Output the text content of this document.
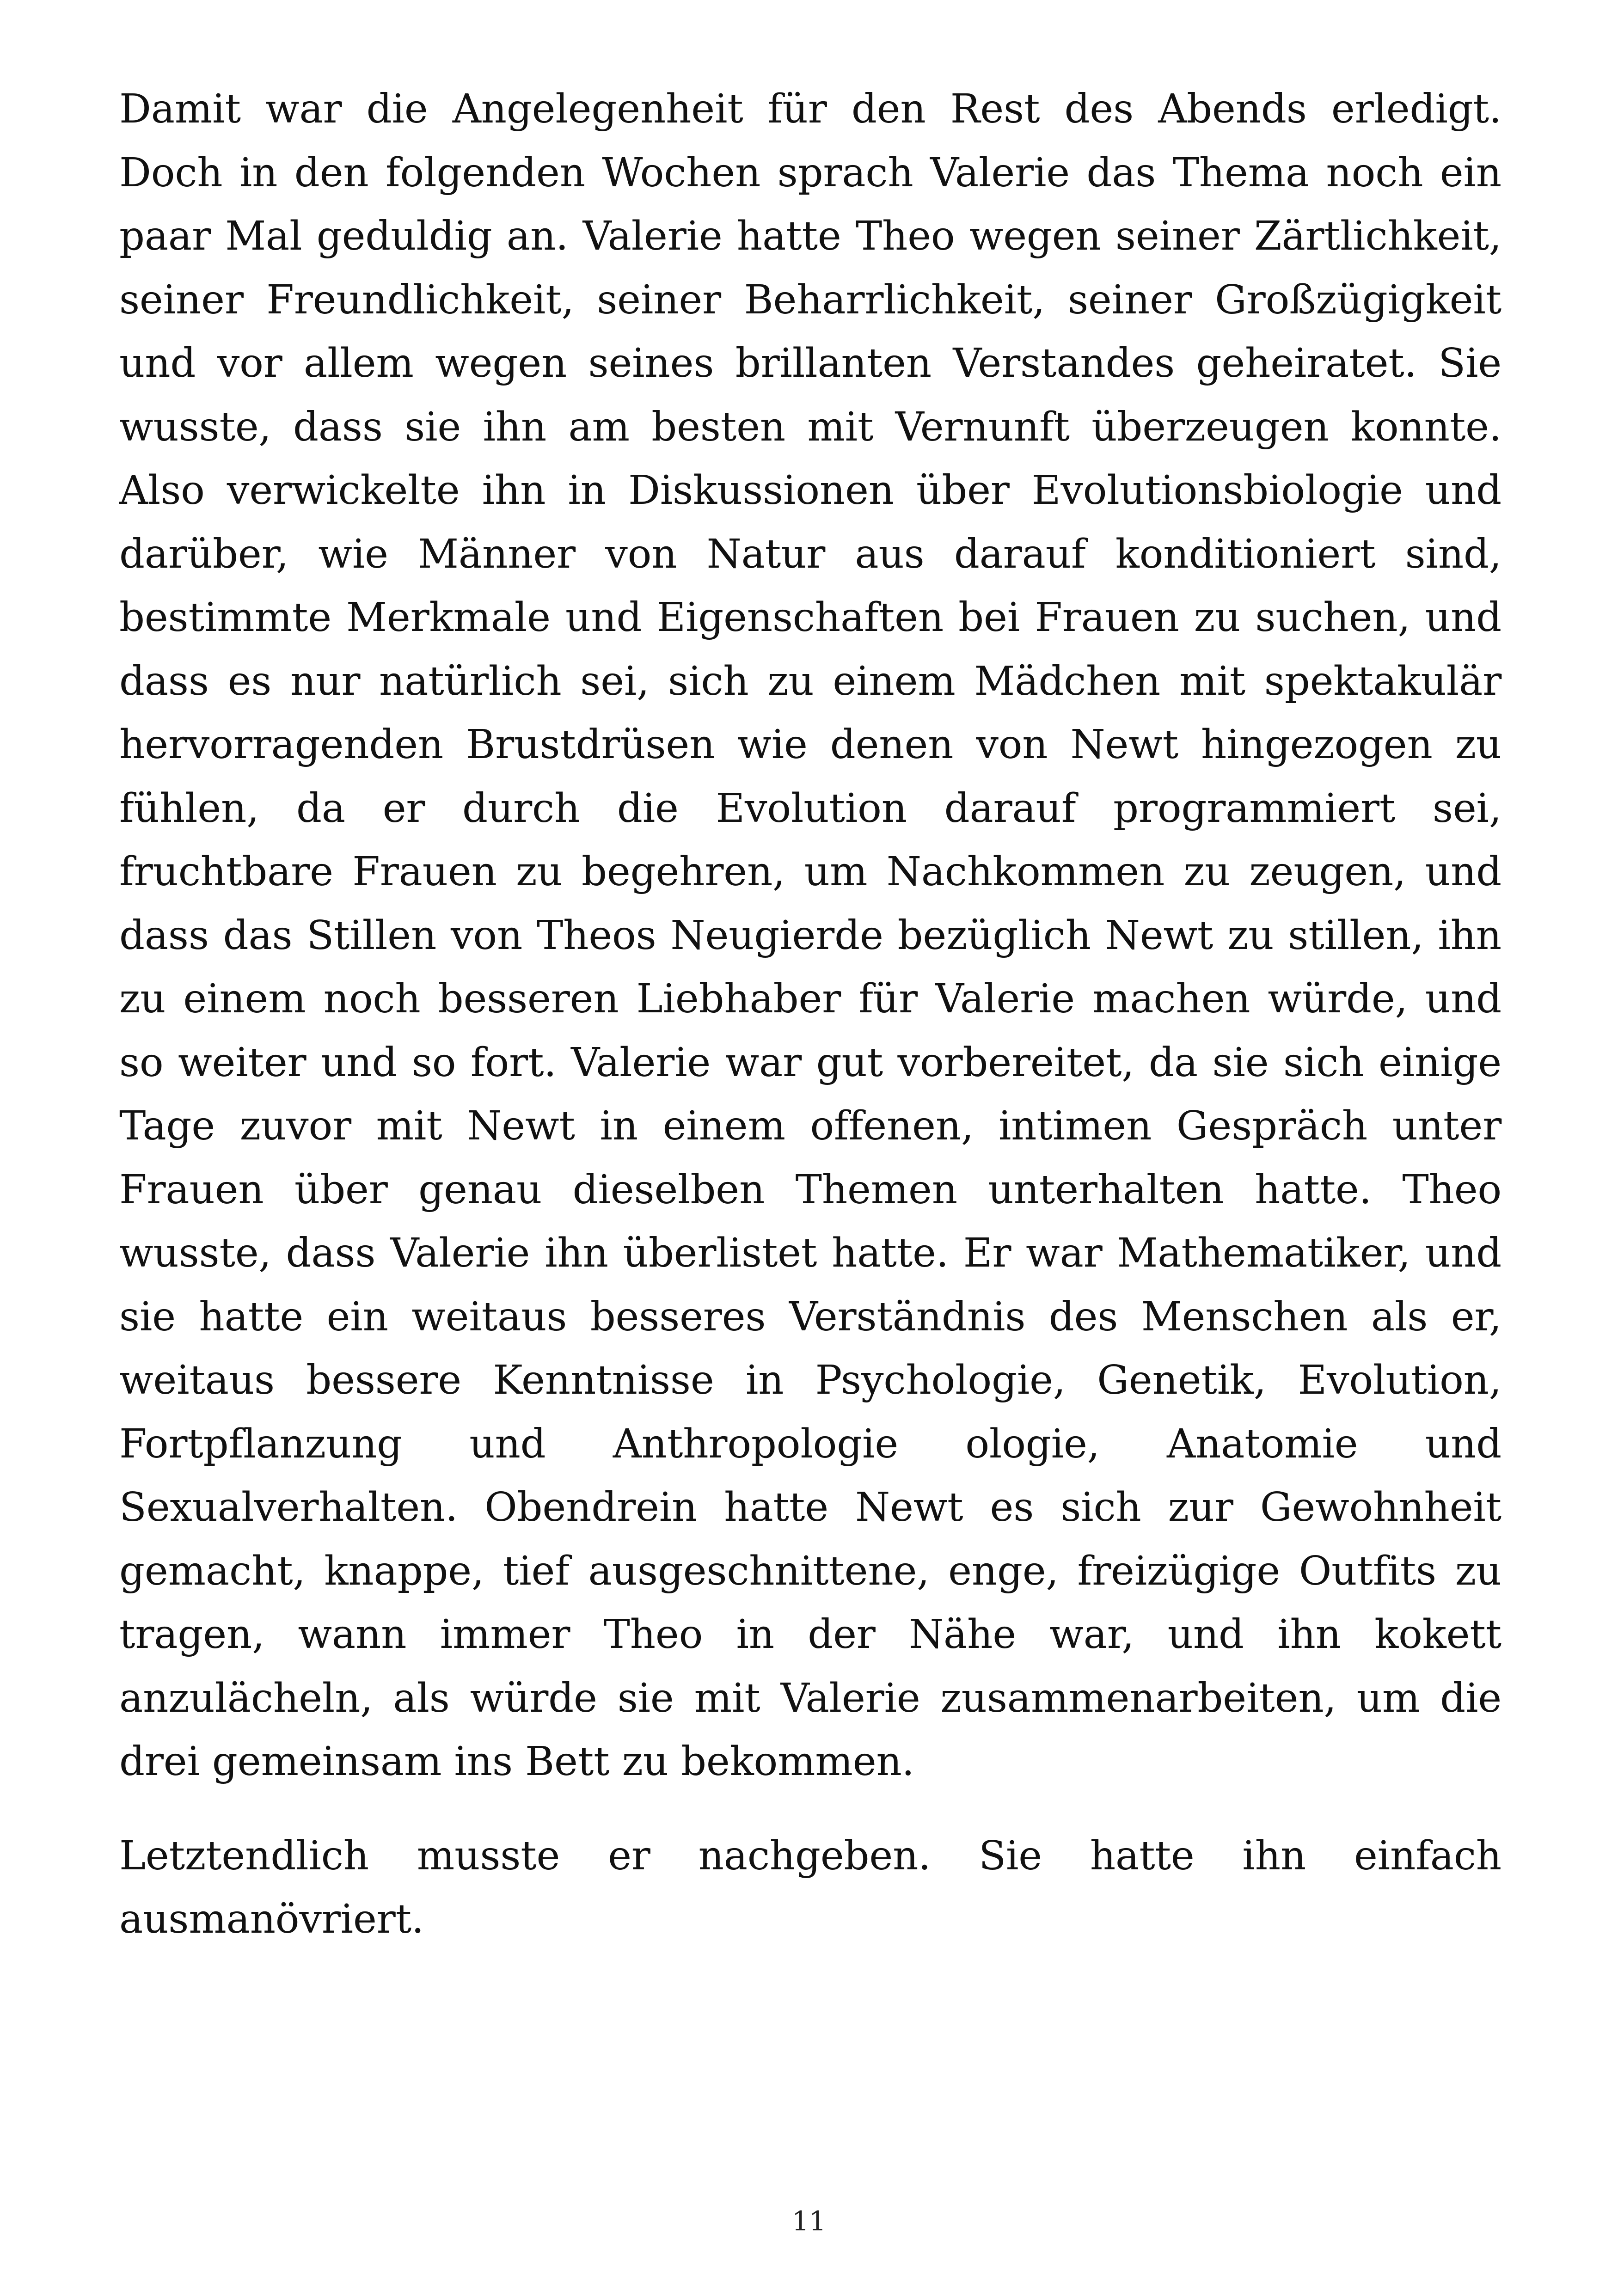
Damit war die Angelegenheit für den Rest des Abends erledigt. Doch in den folgenden Wochen sprach Valerie das Thema noch ein paar Mal geduldig an. Valerie hatte Theo wegen seiner Zärtlichkeit, seiner Freundlichkeit, seiner Beharrlichkeit, seiner Großzügigkeit und vor allem wegen seines brillanten Verstandes geheiratet. Sie wusste, dass sie ihn am besten mit Vernunft überzeugen konnte. Also verwickelte ihn in Diskussionen über Evolutionsbiologie und darüber, wie Männer von Natur aus darauf konditioniert sind, bestimmte Merkmale und Eigenschaften bei Frauen zu suchen, und dass es nur natürlich sei, sich zu einem Mädchen mit spektakulär hervorragenden Brustdrüsen wie denen von Newt hingezogen zu fühlen, da er durch die Evolution darauf programmiert sei, fruchtbare Frauen zu begehren, um Nachkommen zu zeugen, und dass das Stillen von Theos Neugierde bezüglich Newt zu stillen, ihn zu einem noch besseren Liebhaber für Valerie machen würde, und so weiter und so fort. Valerie war gut vorbereitet, da sie sich einige Tage zuvor mit Newt in einem offenen, intimen Gespräch unter Frauen über genau dieselben Themen unterhalten hatte. Theo wusste, dass Valerie ihn überlistet hatte. Er war Mathematiker, und sie hatte ein weitaus besseres Verständnis des Menschen als er, weitaus bessere Kenntnisse in Psychologie, Genetik, Evolution, Fortpflanzung und Anthropologie ologie, Anatomie und Sexualverhalten. Obendrein hatte Newt es sich zur Gewohnheit gemacht, knappe, tief ausgeschnittene, enge, freizügige Outfits zu tragen, wann immer Theo in der Nähe war, und ihn kokett anzulächeln, als würde sie mit Valerie zusammenarbeiten, um die drei gemeinsam ins Bett zu bekommen.

Letztendlich musste er nachgeben. Sie hatte ihn einfach ausmanövriert.

11
